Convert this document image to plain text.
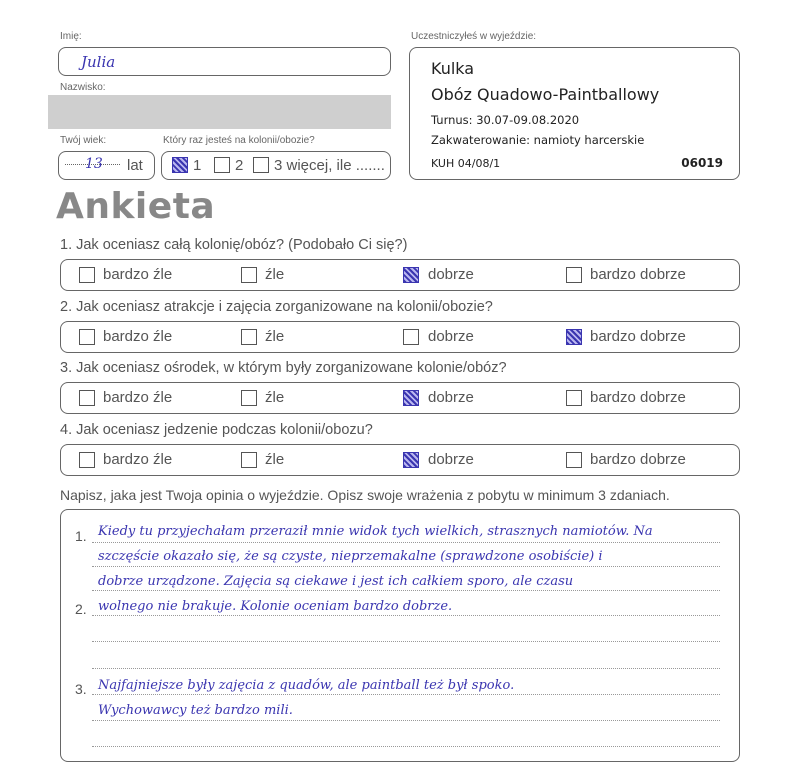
Imię:
Julia
Nazwisko:
Twój wiek:
13 lat
Który raz jesteś na kolonii/obozie?
1 2 3 więcej, ile .......
Uczestniczyłeś w wyjeździe:
Kulka
Obóz Quadowo-Paintballowy
Turnus: 30.07-09.08.2020
Zakwaterowanie: namioty harcerskie
KUH 04/08/1	06019
Ankieta
1. Jak oceniasz całą kolonię/obóz? (Podobało Ci się?)
bardzo źle	źle	dobrze	bardzo dobrze
2. Jak oceniasz atrakcje i zajęcia zorganizowane na kolonii/obozie?
bardzo źle	źle	dobrze	bardzo dobrze
3. Jak oceniasz ośrodek, w którym były zorganizowane kolonie/obóz?
bardzo źle	źle	dobrze	bardzo dobrze
4. Jak oceniasz jedzenie podczas kolonii/obozu?
bardzo źle	źle	dobrze	bardzo dobrze
Napisz, jaka jest Twoja opinia o wyjeździe. Opisz swoje wrażenia z pobytu w minimum 3 zdaniach.
1.
2.
3.
Kiedy tu przyjechałam przeraził mnie widok tych wielkich, strasznych namiotów. Na
szczęście okazało się, że są czyste, nieprzemakalne (sprawdzone osobiście) i
dobrze urządzone. Zajęcia są ciekawe i jest ich całkiem sporo, ale czasu
wolnego nie brakuje. Kolonie oceniam bardzo dobrze.
Najfajniejsze były zajęcia z quadów, ale paintball też był spoko.
Wychowawcy też bardzo mili.
